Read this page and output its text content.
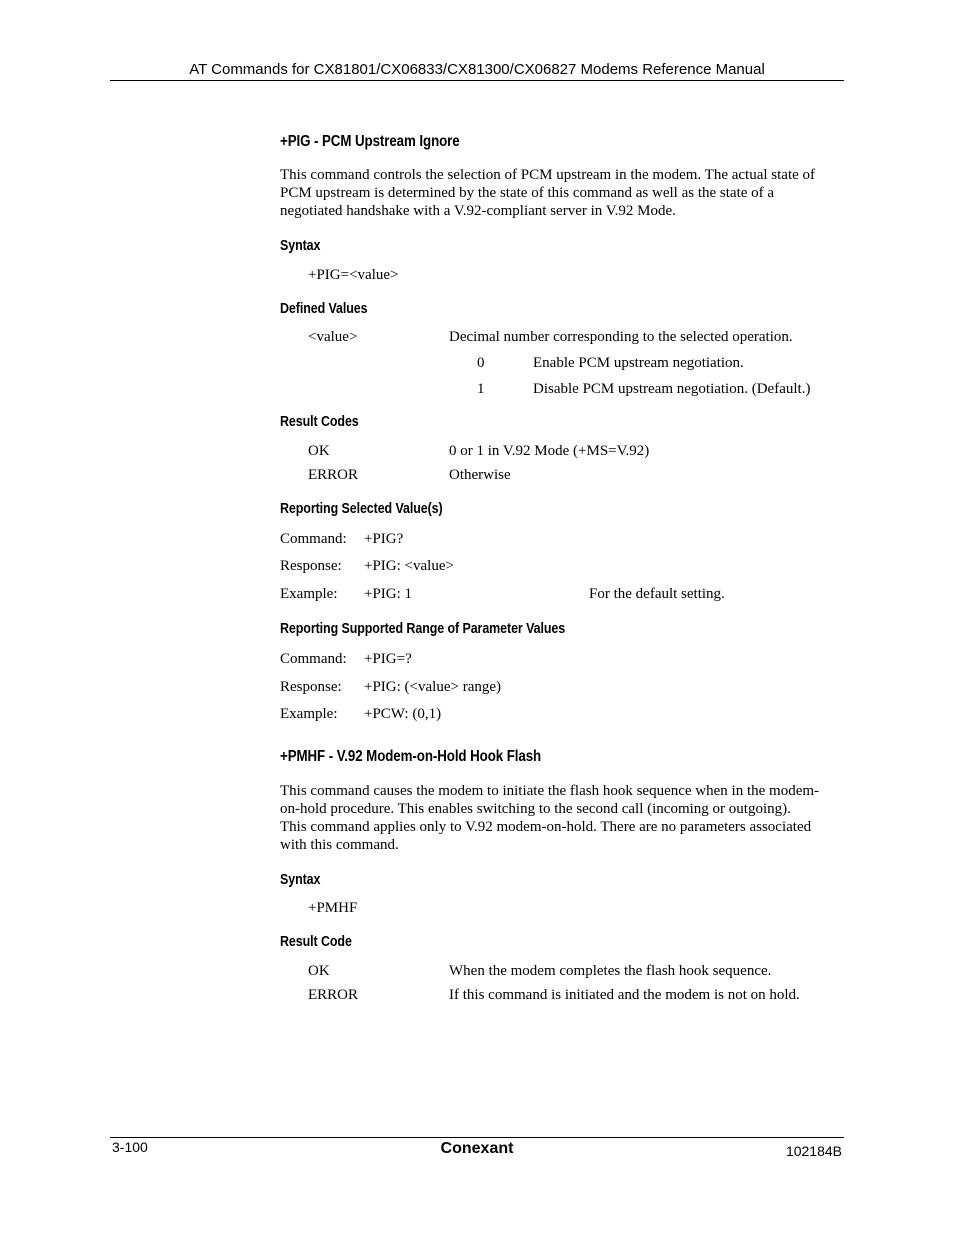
AT Commands for CX81801/CX06833/CX81300/CX06827 Modems Reference Manual
+PIG - PCM Upstream Ignore
This command controls the selection of PCM upstream in the modem. The actual state of
PCM upstream is determined by the state of this command as well as the state of a
negotiated handshake with a V.92-compliant server in V.92 Mode.
Syntax
+PIG=<value>
Defined Values
<value>	Decimal number corresponding to the selected operation.
0	Enable PCM upstream negotiation.
1	Disable PCM upstream negotiation. (Default.)
Result Codes
OK	0 or 1 in V.92 Mode (+MS=V.92)
ERROR	Otherwise
Reporting Selected Value(s)
Command: +PIG?
Response: +PIG: <value>
Example: +PIG: 1	For the default setting.
Reporting Supported Range of Parameter Values
Command: +PIG=?
Response: +PIG: (<value> range)
Example: +PCW: (0,1)
+PMHF - V.92 Modem-on-Hold Hook Flash
This command causes the modem to initiate the flash hook sequence when in the modem-
on-hold procedure. This enables switching to the second call (incoming or outgoing).
This command applies only to V.92 modem-on-hold. There are no parameters associated
with this command.
Syntax
+PMHF
Result Code
OK	When the modem completes the flash hook sequence.
ERROR	If this command is initiated and the modem is not on hold.
3-100	Conexant	102184B
